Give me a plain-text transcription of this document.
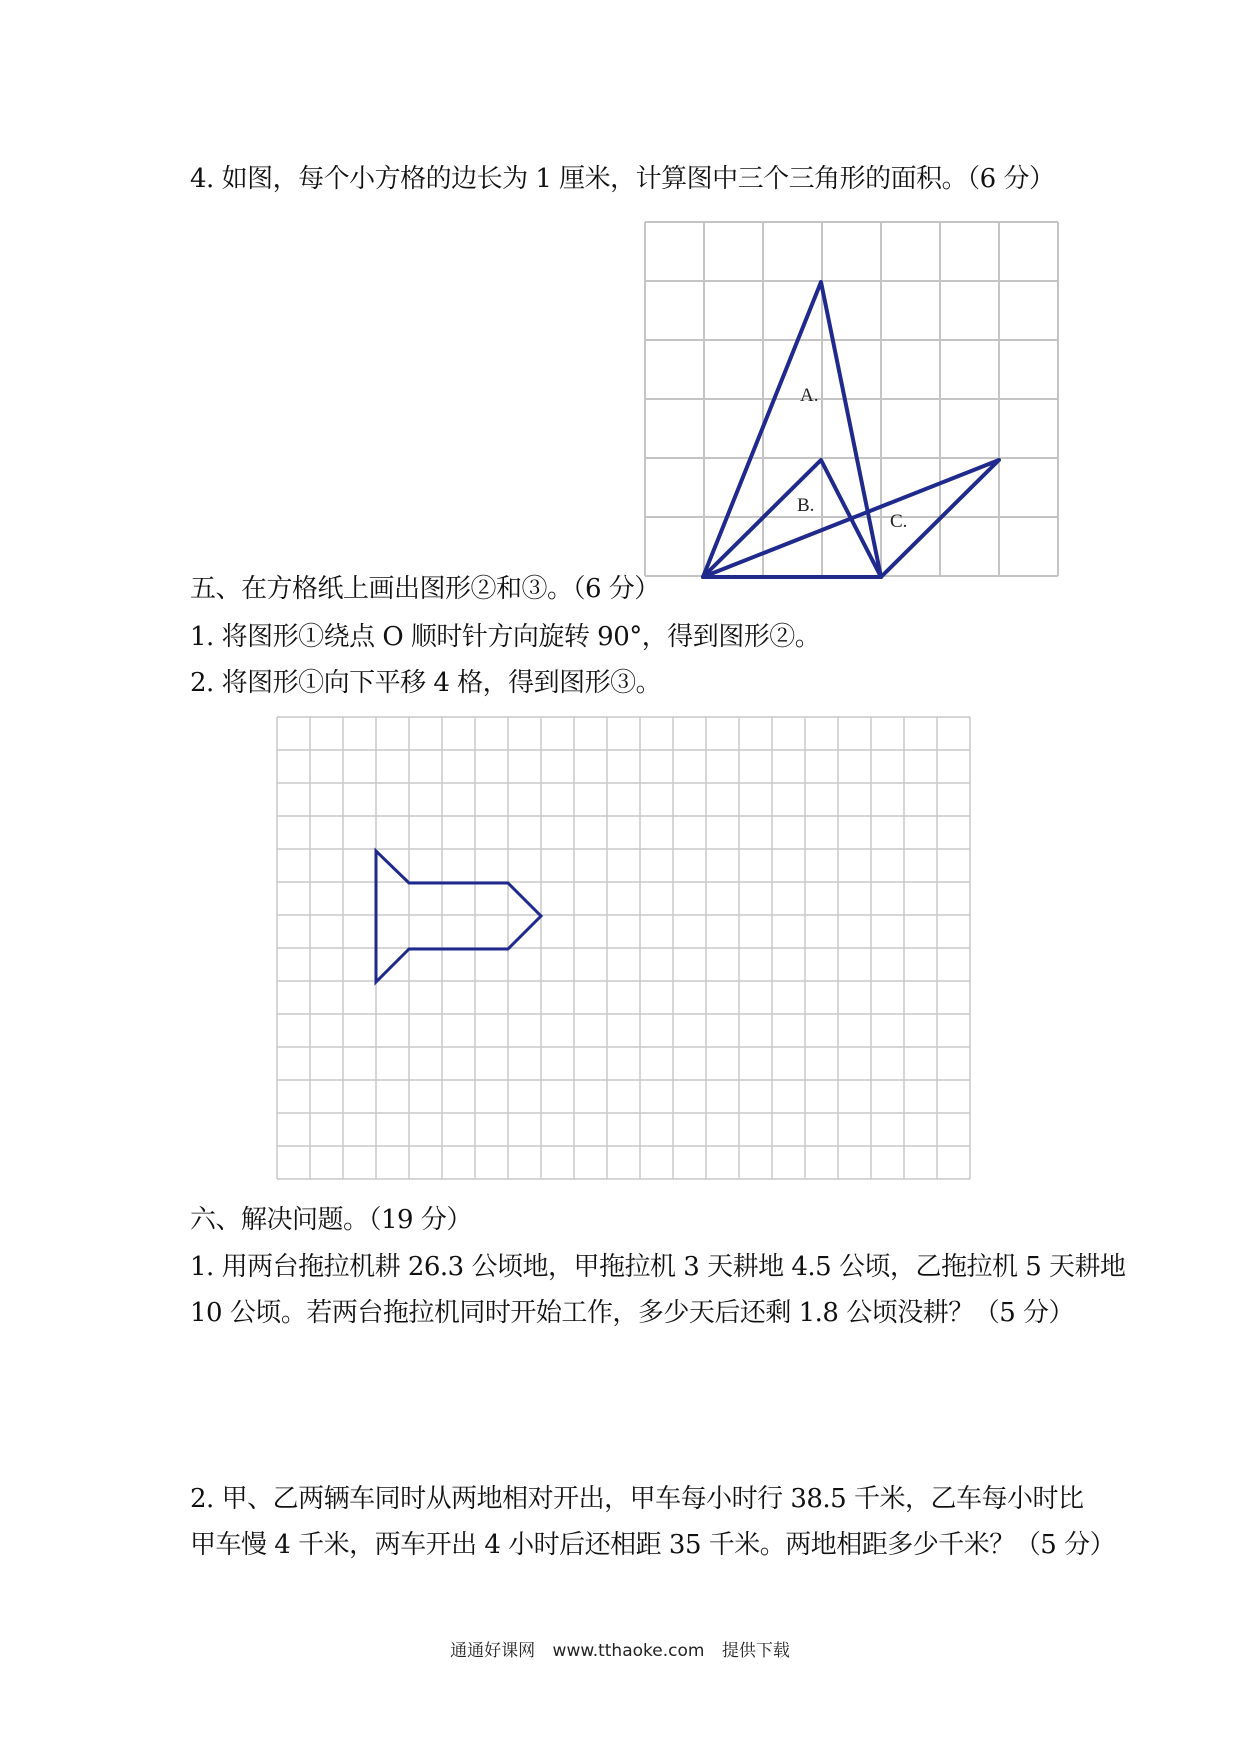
4. 如图，每个小方格的边长为 1 厘米，计算图中三个三角形的面积。（6 分）
A.
B.
C.
五、在方格纸上画出图形②和③。（6 分）
1. 将图形①绕点 O 顺时针方向旋转 90°，得到图形②。
2. 将图形①向下平移 4 格，得到图形③。
六、解决问题。（19 分）
1. 用两台拖拉机耕 26.3 公顷地，甲拖拉机 3 天耕地 4.5 公顷，乙拖拉机 5 天耕地
10 公顷。若两台拖拉机同时开始工作，多少天后还剩 1.8 公顷没耕？（5 分）
2. 甲、乙两辆车同时从两地相对开出，甲车每小时行 38.5 千米，乙车每小时比
甲车慢 4 千米，两车开出 4 小时后还相距 35 千米。两地相距多少千米？（5 分）
通通好课网 www.tthaoke.com 提供下载
